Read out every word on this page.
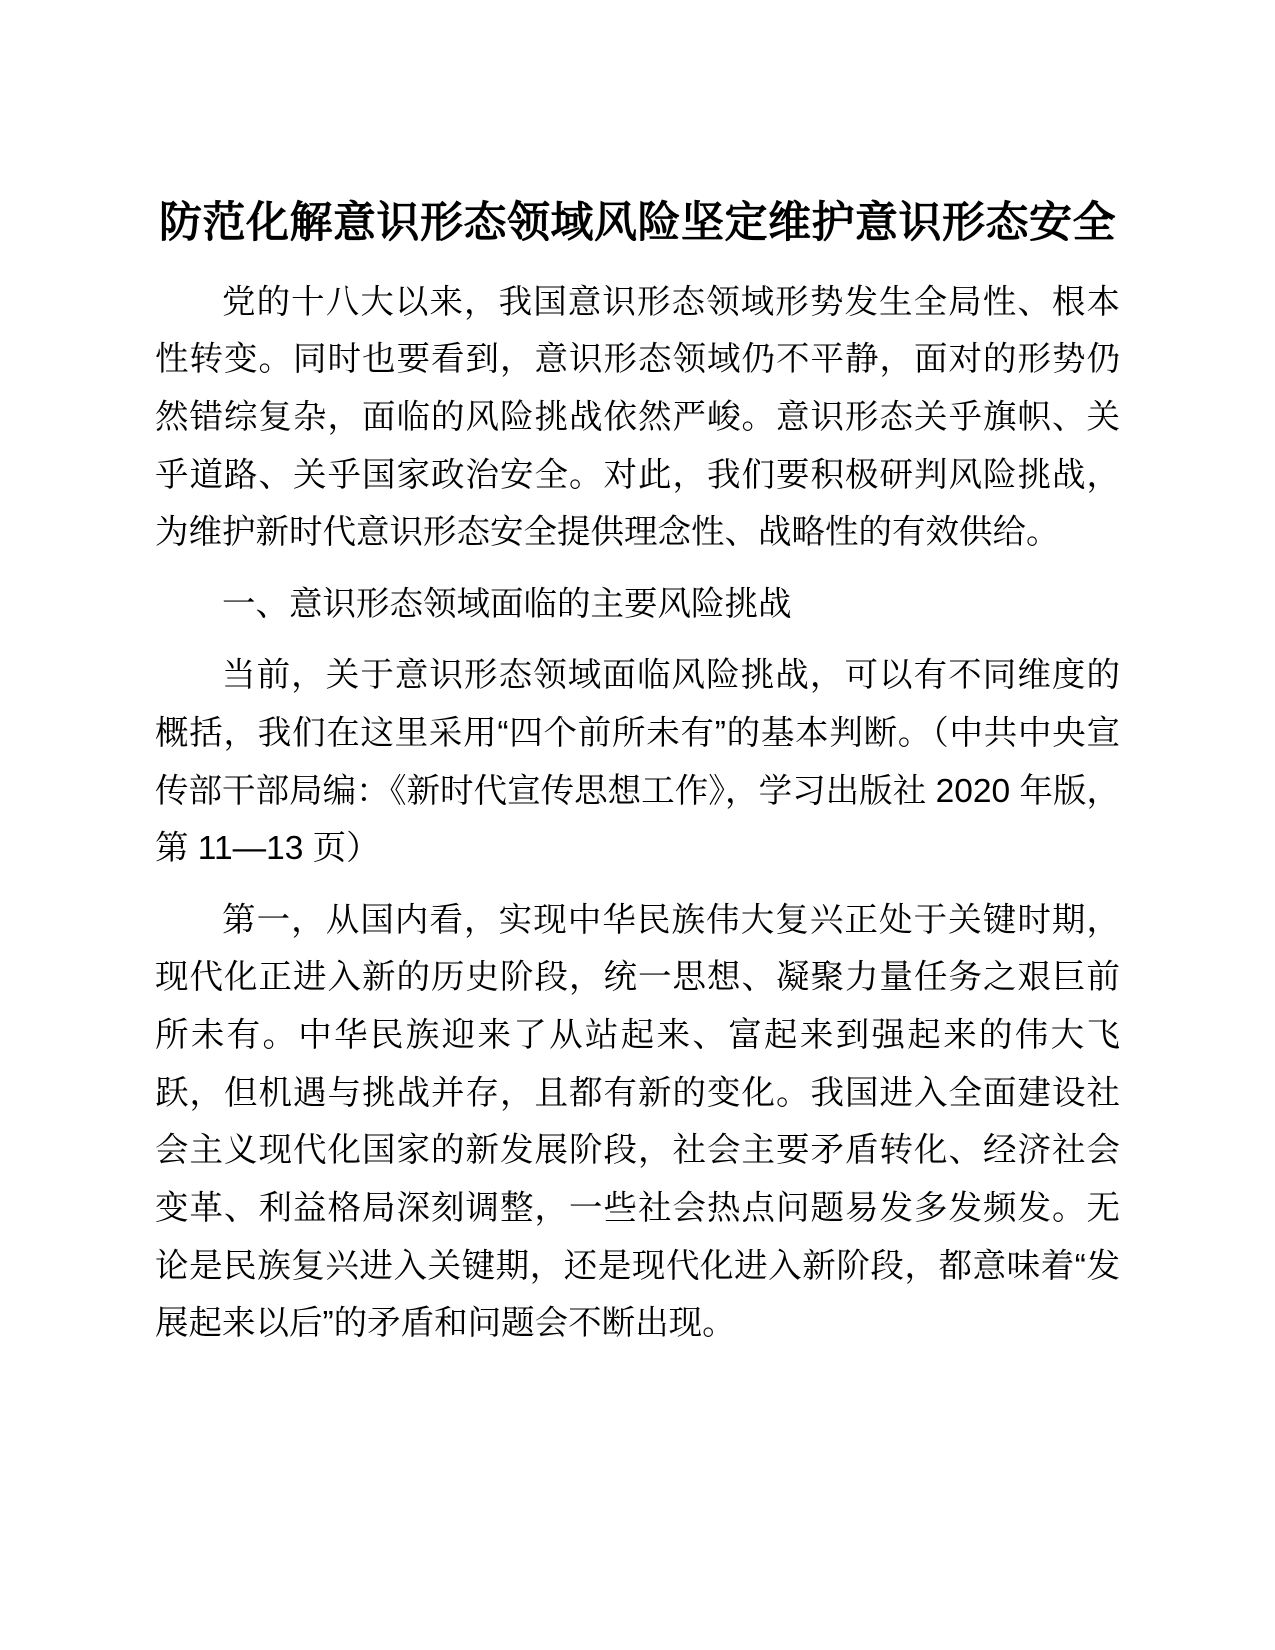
防范化解意识形态领域风险坚定维护意识形态安全

党的十八大以来，我国意识形态领域形势发生全局性、根本性转变。同时也要看到，意识形态领域仍不平静，面对的形势仍然错综复杂，面临的风险挑战依然严峻。意识形态关乎旗帜、关乎道路、关乎国家政治安全。对此，我们要积极研判风险挑战，为维护新时代意识形态安全提供理念性、战略性的有效供给。

一、意识形态领域面临的主要风险挑战

当前，关于意识形态领域面临风险挑战，可以有不同维度的概括，我们在这里采用“四个前所未有”的基本判断。（中共中央宣传部干部局编：《新时代宣传思想工作》，学习出版社 2020 年版，第 11—13 页）

第一，从国内看，实现中华民族伟大复兴正处于关键时期，现代化正进入新的历史阶段，统一思想、凝聚力量任务之艰巨前所未有。中华民族迎来了从站起来、富起来到强起来的伟大飞跃，但机遇与挑战并存，且都有新的变化。我国进入全面建设社会主义现代化国家的新发展阶段，社会主要矛盾转化、经济社会变革、利益格局深刻调整，一些社会热点问题易发多发频发。无论是民族复兴进入关键期，还是现代化进入新阶段，都意味着“发展起来以后”的矛盾和问题会不断出现。
